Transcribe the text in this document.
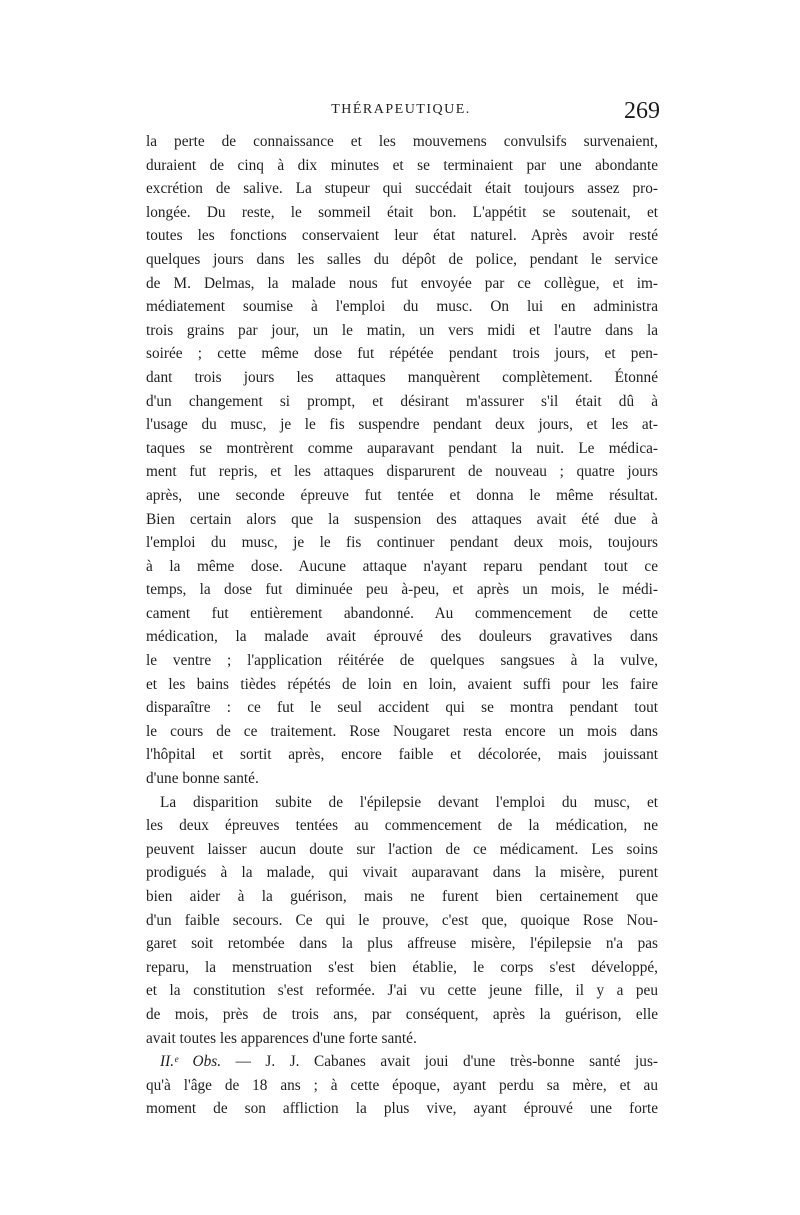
THÉRAPEUTIQUE.	269
la perte de connaissance et les mouvemens convulsifs survenaient,
duraient de cinq à dix minutes et se terminaient par une abondante
excrétion de salive. La stupeur qui succédait était toujours assez pro-
longée. Du reste, le sommeil était bon. L'appétit se soutenait, et
toutes les fonctions conservaient leur état naturel. Après avoir resté
quelques jours dans les salles du dépôt de police, pendant le service
de M. Delmas, la malade nous fut envoyée par ce collègue, et im-
médiatement soumise à l'emploi du musc. On lui en administra
trois grains par jour, un le matin, un vers midi et l'autre dans la
soirée ; cette même dose fut répétée pendant trois jours, et pen-
dant trois jours les attaques manquèrent complètement. Étonné
d'un changement si prompt, et désirant m'assurer s'il était dû à
l'usage du musc, je le fis suspendre pendant deux jours, et les at-
taques se montrèrent comme auparavant pendant la nuit. Le médica-
ment fut repris, et les attaques disparurent de nouveau ; quatre jours
après, une seconde épreuve fut tentée et donna le même résultat.
Bien certain alors que la suspension des attaques avait été due à
l'emploi du musc, je le fis continuer pendant deux mois, toujours
à la même dose. Aucune attaque n'ayant reparu pendant tout ce
temps, la dose fut diminuée peu à-peu, et après un mois, le médi-
cament fut entièrement abandonné. Au commencement de cette
médication, la malade avait éprouvé des douleurs gravatives dans
le ventre ; l'application réitérée de quelques sangsues à la vulve,
et les bains tièdes répétés de loin en loin, avaient suffi pour les faire
disparaître : ce fut le seul accident qui se montra pendant tout
le cours de ce traitement. Rose Nougaret resta encore un mois dans
l'hôpital et sortit après, encore faible et décolorée, mais jouissant
d'une bonne santé.
La disparition subite de l'épilepsie devant l'emploi du musc, et
les deux épreuves tentées au commencement de la médication, ne
peuvent laisser aucun doute sur l'action de ce médicament. Les soins
prodigués à la malade, qui vivait auparavant dans la misère, purent
bien aider à la guérison, mais ne furent bien certainement que
d'un faible secours. Ce qui le prouve, c'est que, quoique Rose Nou-
garet soit retombée dans la plus affreuse misère, l'épilepsie n'a pas
reparu, la menstruation s'est bien établie, le corps s'est développé,
et la constitution s'est reformée. J'ai vu cette jeune fille, il y a peu
de mois, près de trois ans, par conséquent, après la guérison, elle
avait toutes les apparences d'une forte santé.
II.ᵉ Obs. — J. J. Cabanes avait joui d'une très-bonne santé jus-
qu'à l'âge de 18 ans ; à cette époque, ayant perdu sa mère, et au
moment de son affliction la plus vive, ayant éprouvé une forte
